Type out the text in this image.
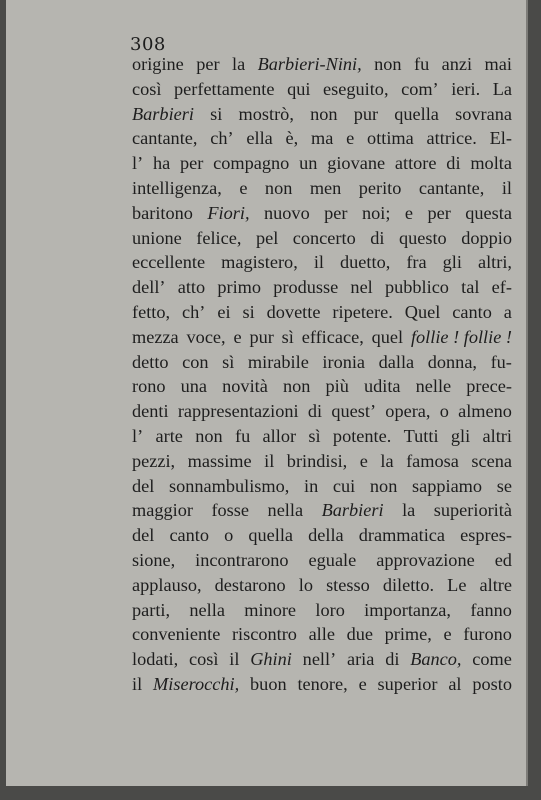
308
origine per la Barbieri-Nini, non fu anzi mai
così perfettamente qui eseguito, com’ ieri. La
Barbieri si mostrò, non pur quella sovrana
cantante, ch’ ella è, ma e ottima attrice. El-
l’ ha per compagno un giovane attore di molta
intelligenza, e non men perito cantante, il
baritono Fiori, nuovo per noi; e per questa
unione felice, pel concerto di questo doppio
eccellente magistero, il duetto, fra gli altri,
dell’ atto primo produsse nel pubblico tal ef-
fetto, ch’ ei si dovette ripetere. Quel canto a
mezza voce, e pur sì efficace, quel follie ! follie !
detto con sì mirabile ironia dalla donna, fu-
rono una novità non più udita nelle prece-
denti rappresentazioni di quest’ opera, o almeno
l’ arte non fu allor sì potente. Tutti gli altri
pezzi, massime il brindisi, e la famosa scena
del sonnambulismo, in cui non sappiamo se
maggior fosse nella Barbieri la superiorità
del canto o quella della drammatica espres-
sione, incontrarono eguale approvazione ed
applauso, destarono lo stesso diletto. Le altre
parti, nella minore loro importanza, fanno
conveniente riscontro alle due prime, e furono
lodati, così il Ghini nell’ aria di Banco, come
il Miserocchi, buon tenore, e superior al posto
